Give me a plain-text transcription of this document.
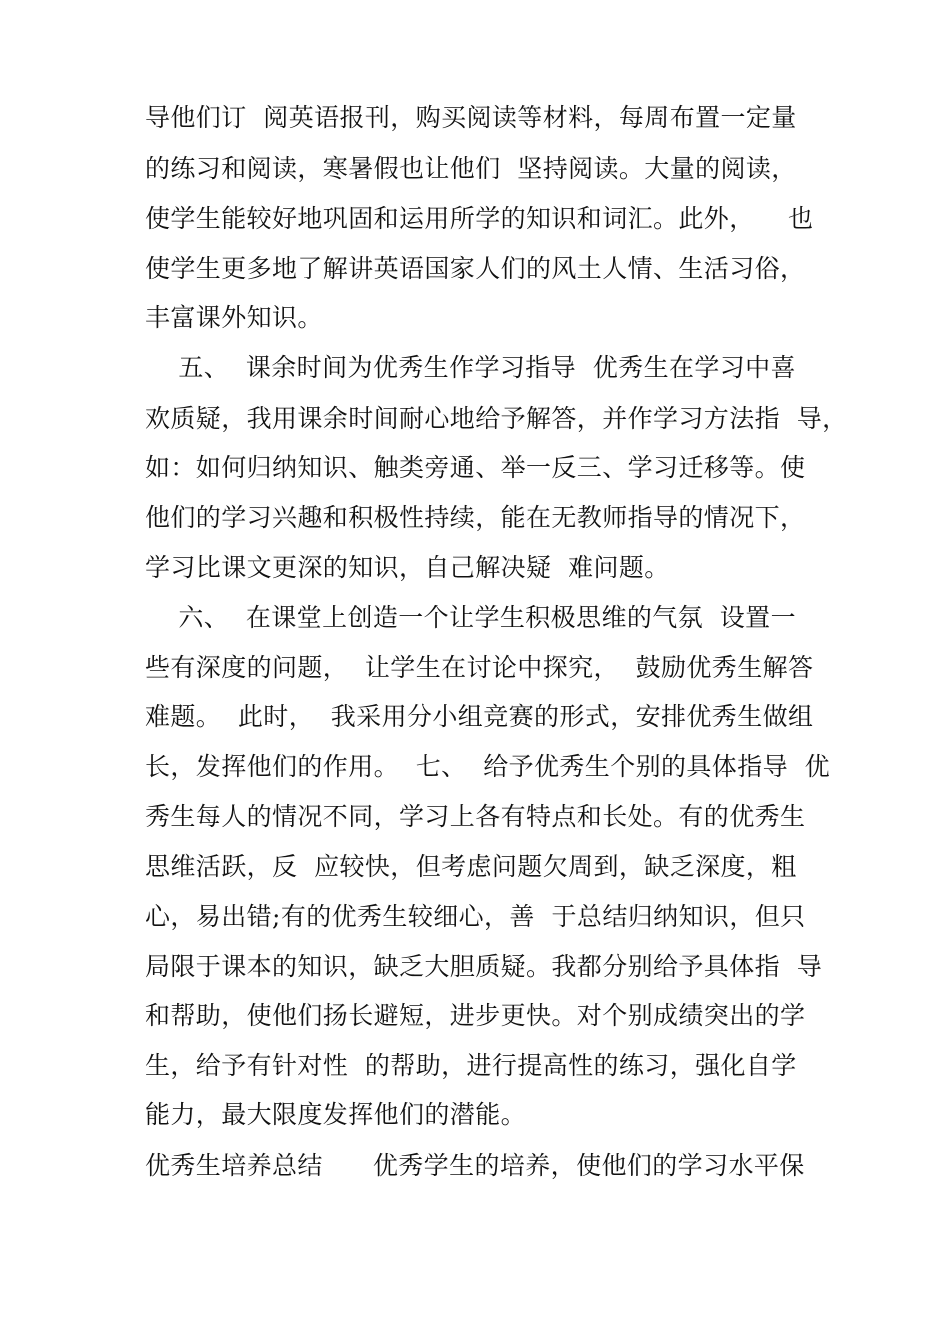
导他们订  阅英语报刊，购买阅读等材料，每周布置一定量
的练习和阅读，寒暑假也让他们  坚持阅读。大量的阅读，
使学生能较好地巩固和运用所学的知识和词汇。此外，    也
使学生更多地了解讲英语国家人们的风土人情、生活习俗，
丰富课外知识。
五、  课余时间为优秀生作学习指导  优秀生在学习中喜
欢质疑，我用课余时间耐心地给予解答，并作学习方法指  导，
如：如何归纳知识、触类旁通、举一反三、学习迁移等。使
他们的学习兴趣和积极性持续，能在无教师指导的情况下，
学习比课文更深的知识，自己解决疑  难问题。
六、  在课堂上创造一个让学生积极思维的气氛  设置一
些有深度的问题，  让学生在讨论中探究，  鼓励优秀生解答
难题。  此时，  我采用分小组竞赛的形式，安排优秀生做组
长，发挥他们的作用。  七、  给予优秀生个别的具体指导  优
秀生每人的情况不同，学习上各有特点和长处。有的优秀生
思维活跃，反  应较快，但考虑问题欠周到，缺乏深度，粗
心，易出错;有的优秀生较细心，善  于总结归纳知识，但只
局限于课本的知识，缺乏大胆质疑。我都分别给予具体指  导
和帮助，使他们扬长避短，进步更快。对个别成绩突出的学
生，给予有针对性  的帮助，进行提高性的练习，强化自学
能力，最大限度发挥他们的潜能。
优秀生培养总结      优秀学生的培养，使他们的学习水平保
